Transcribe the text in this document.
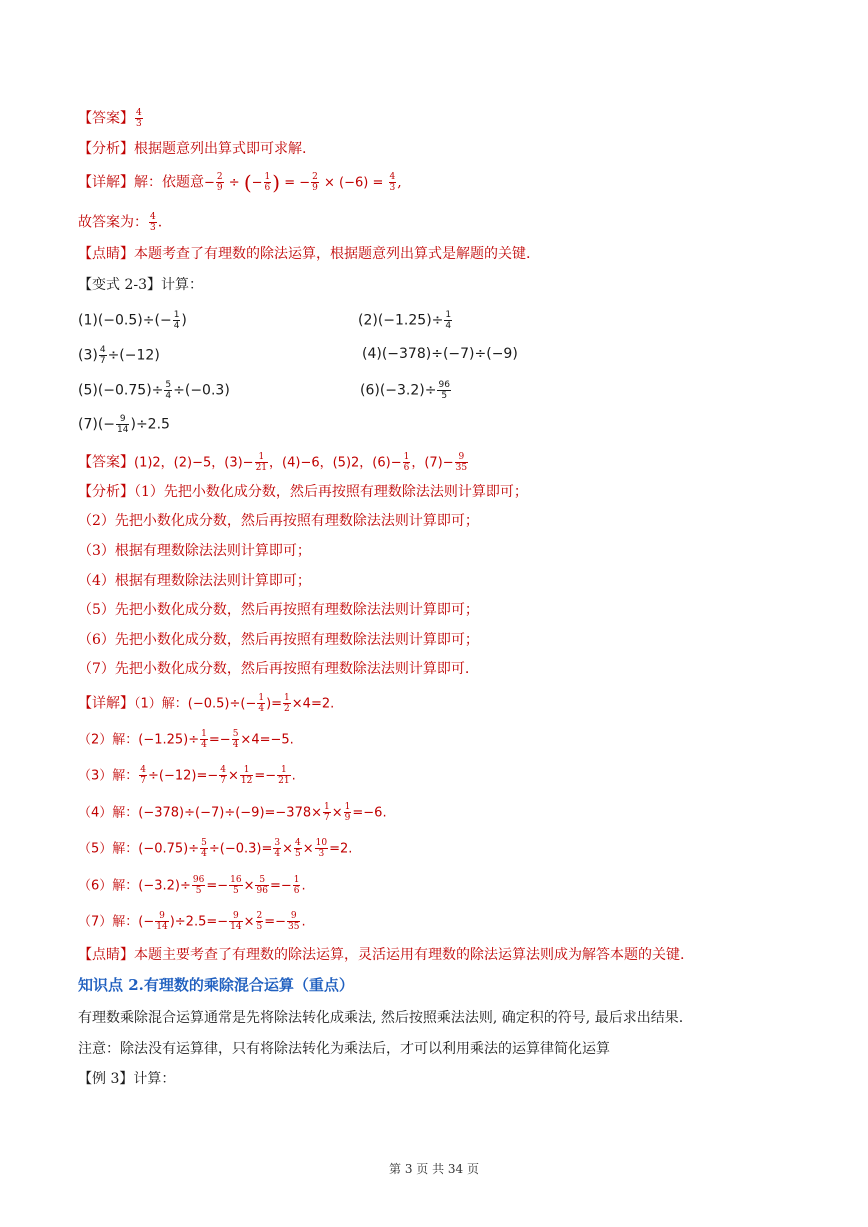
【答案】 $\frac{4}{3}$
【分析】根据题意列出算式即可求解.
【详解】解：依题意− $\frac{2}{9}$ ÷ (− $\frac{1}{6}$ ) = − $\frac{2}{9} \times (-6) = \frac{4}{3}$ ,
故答案为： $\frac{4}{3}$ .
【点睛】本题考查了有理数的除法运算，根据题意列出算式是解题的关键.
【变式 2-3】计算：
$(1)(-0.5)\div(- \frac{1}{4}$ )	$(2)(-1.25)\div \frac{1}{4}$
$(3) \frac{4}{7} \div(-12)$	(4)(−378)÷(−7)÷(−9)
$(5)(-0.75)\div \frac{5}{4} \div(-0.3)$	$(6)(-3.2)\div \frac{96}{5}$
$(7)(- \frac{9}{14} )\div 2.5$
【答案】(1)2，(2)−5，$(3)- \frac{1}{21}$ ，(4)−6，(5)2，$(6)- \frac{1}{6}$ ，$(7)- \frac{9}{35}$
【分析】（1）先把小数化成分数，然后再按照有理数除法法则计算即可；
（2）先把小数化成分数，然后再按照有理数除法法则计算即可；
（3）根据有理数除法法则计算即可；
（4）根据有理数除法法则计算即可；
（5）先把小数化成分数，然后再按照有理数除法法则计算即可；
（6）先把小数化成分数，然后再按照有理数除法法则计算即可；
（7）先把小数化成分数，然后再按照有理数除法法则计算即可.
【详解】（1）解：$(-0.5)\div(- \frac{1}{4}$ )= $\frac{1}{2} \times 4=2$.
（2）解：$(-1.25)\div \frac{1}{4} =- \frac{5}{4} \times 4=-5$.
（3）解： $\frac{4}{7} \div(-12)=- \frac{4}{7} \times \frac{1}{12} =- \frac{1}{21}$ .
（4）解：$(-378)\div(-7)\div(-9)=-378\times \frac{1}{7} \times \frac{1}{9} =-6$.
（5）解：$(-0.75)\div \frac{5}{4} \div(-0.3)= \frac{3}{4} \times \frac{4}{5} \times \frac{10}{3} =2$.
（6）解：$(-3.2)\div \frac{96}{5} =- \frac{16}{5} \times \frac{5}{96} =- \frac{1}{6}$ .
（7）解：(− $\frac{9}{14} )\div 2.5=- \frac{9}{14} \times \frac{2}{5} =- \frac{9}{35}$ .
【点睛】本题主要考查了有理数的除法运算，灵活运用有理数的除法运算法则成为解答本题的关键.
知识点 2.有理数的乘除混合运算（重点）
有理数乘除混合运算通常是先将除法转化成乘法, 然后按照乘法法则, 确定积的符号, 最后求出结果.
注意：除法没有运算律，只有将除法转化为乘法后，才可以利用乘法的运算律简化运算
【例 3】计算：
第 3 页 共 34 页
